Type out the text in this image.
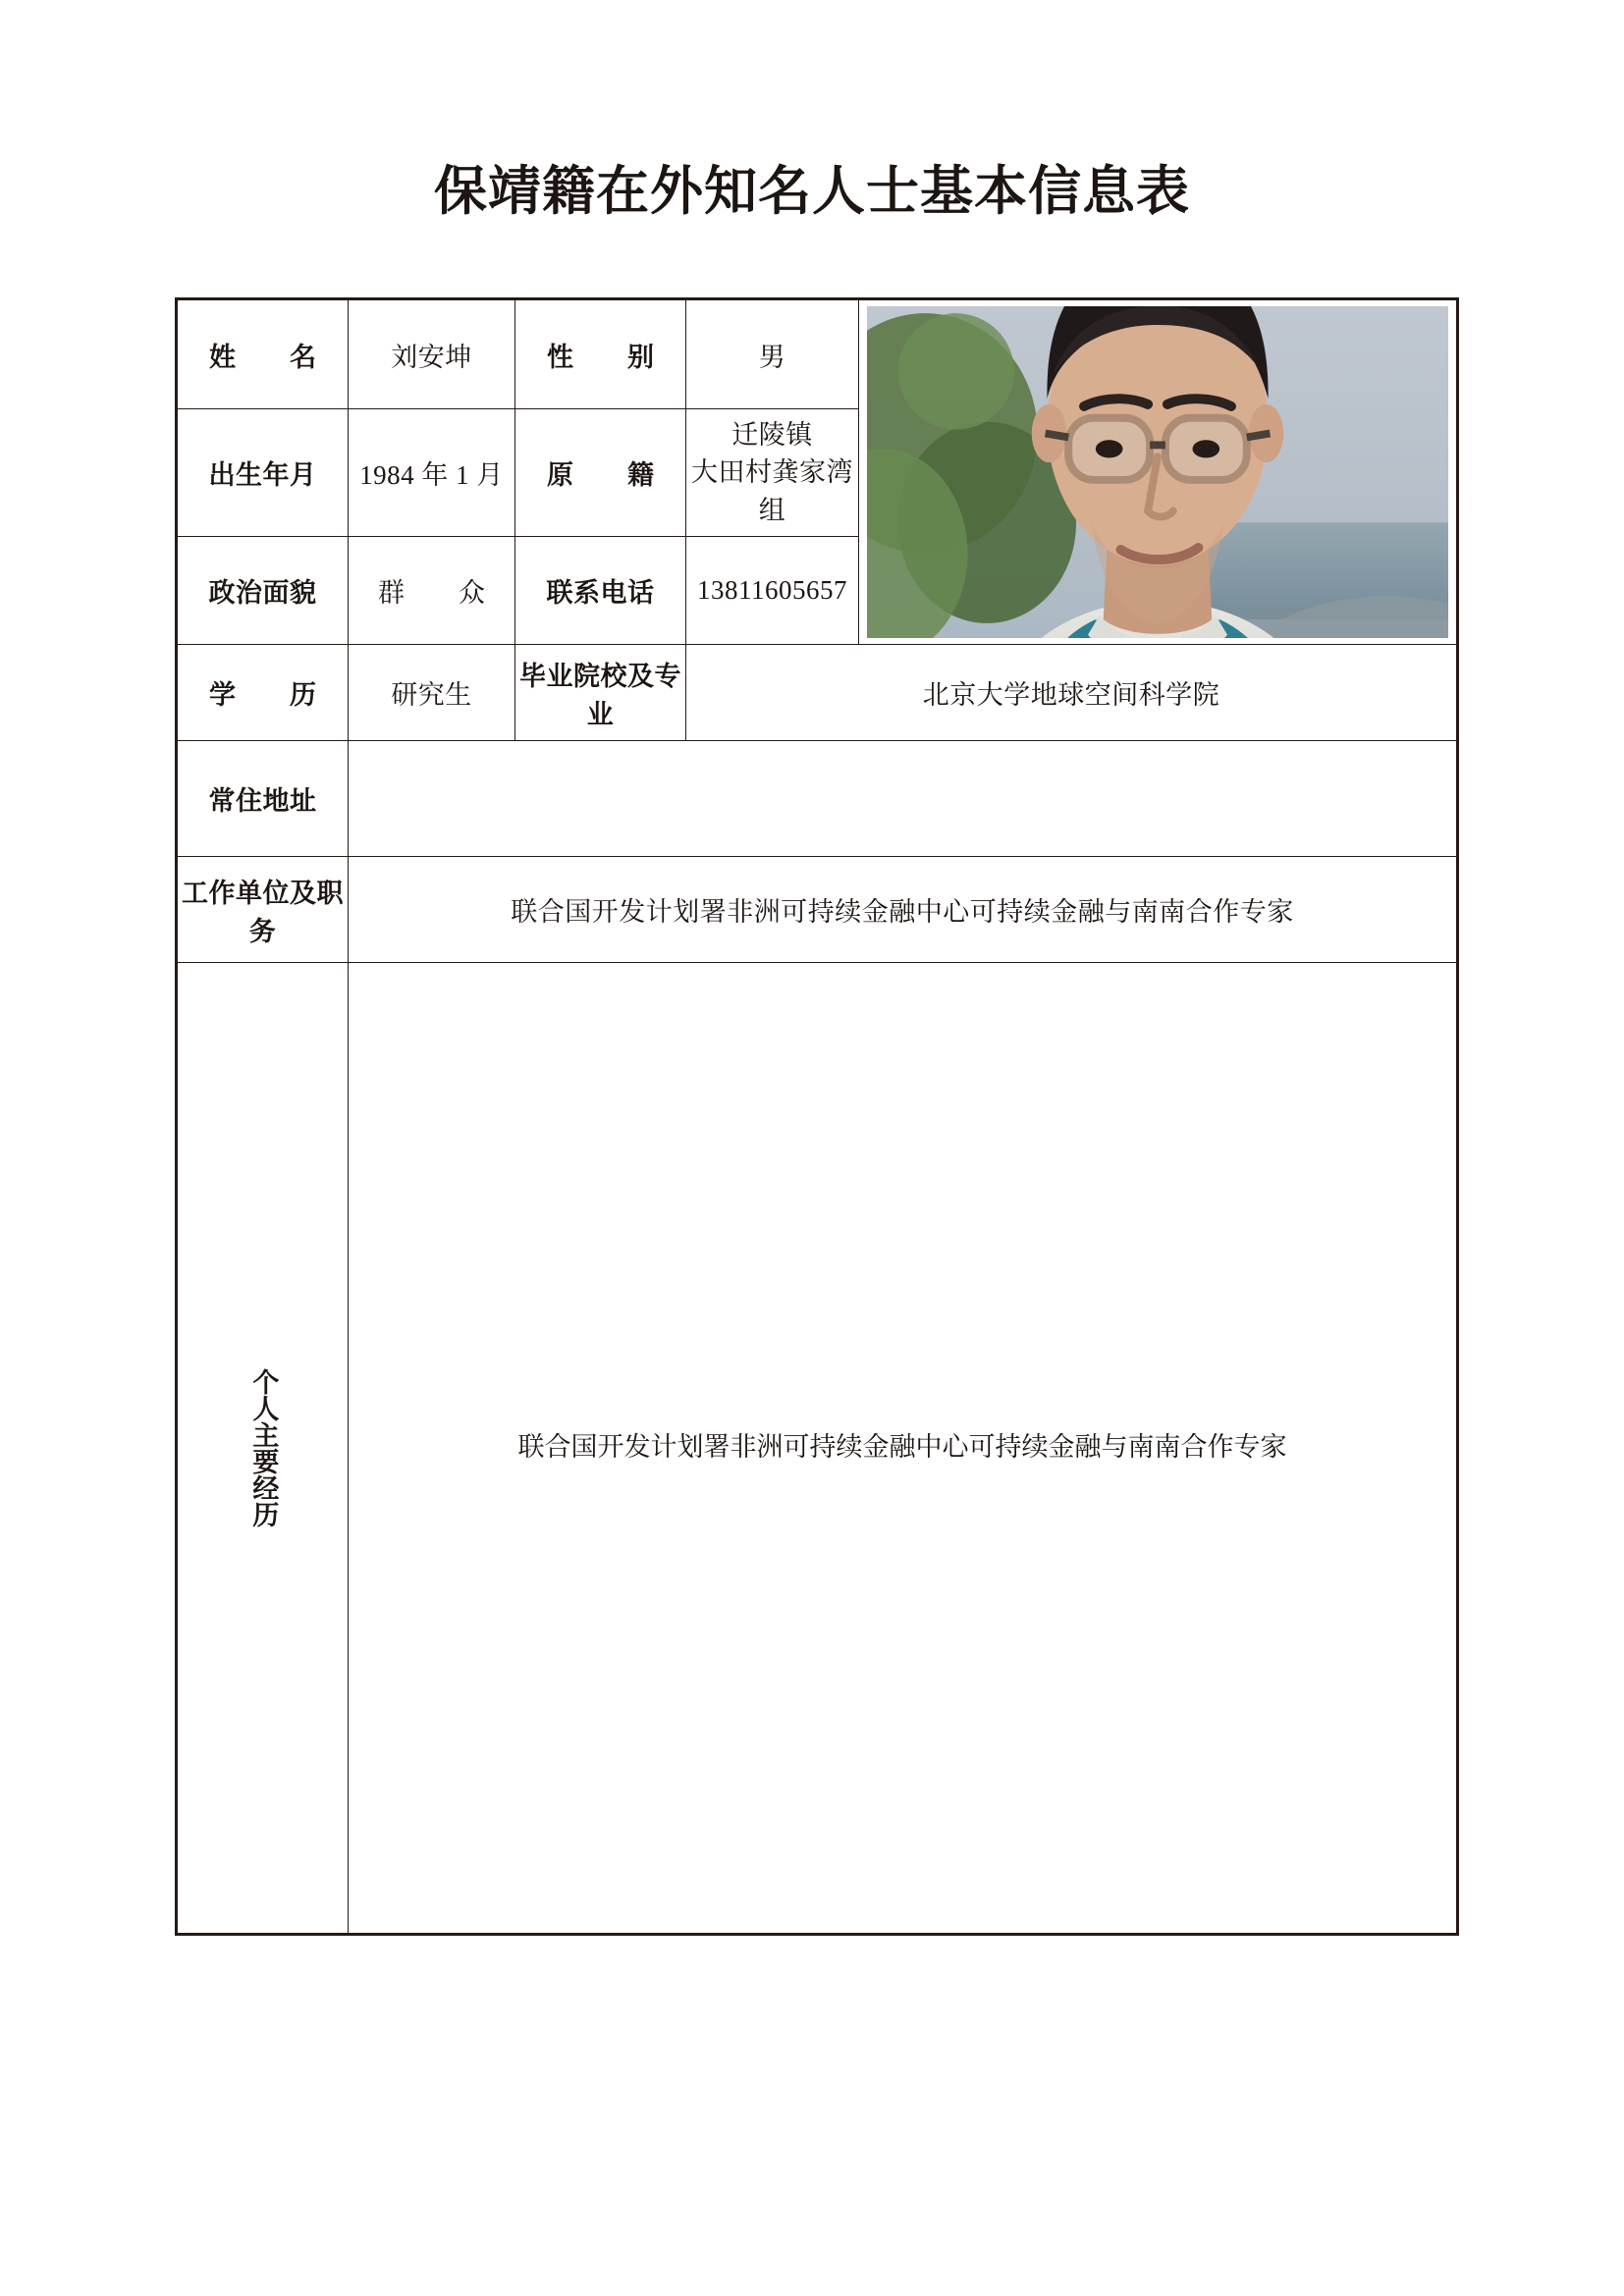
保靖籍在外知名人士基本信息表
姓　名	刘安坤	性　别	男	

出生年月	1984 年 1 月	原　籍	迁陵镇
大田村龚家湾组	

政治面貌	群　众	联系电话	13811605657	
学　历	研究生	毕业院校及专业	北京大学地球空间科学院	
常住地址				
工作单位及职务	联合国开发计划署非洲可持续金融中心可持续金融与南南合作专家			

个人主要经历	联合国开发计划署非洲可持续金融中心可持续金融与南南合作专家			
